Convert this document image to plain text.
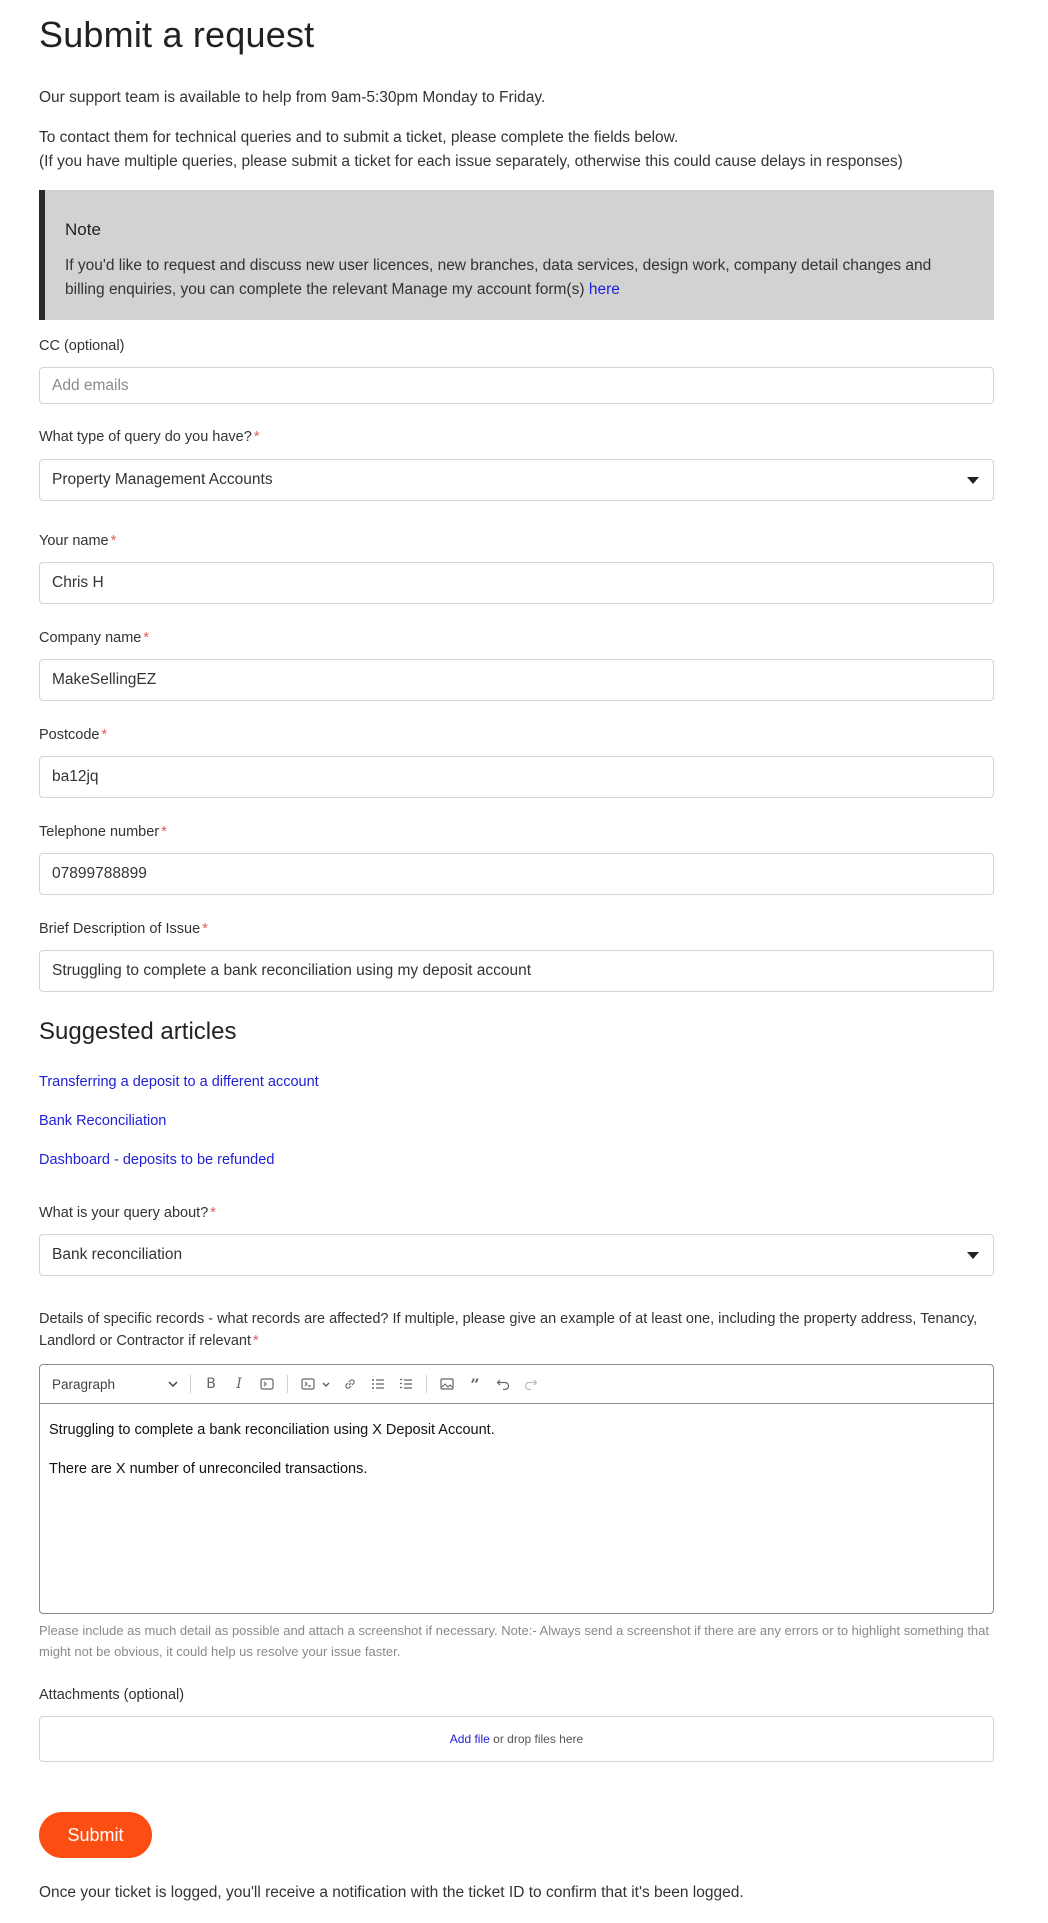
Submit a request
Our support team is available to help from 9am-5:30pm Monday to Friday.
To contact them for technical queries and to submit a ticket, please complete the fields below.
(If you have multiple queries, please submit a ticket for each issue separately, otherwise this could cause delays in responses)
Note
If you'd like to request and discuss new user licences, new branches, data services, design work, company detail changes and billing enquiries, you can complete the relevant Manage my account form(s) here
CC (optional)
Add emails
What type of query do you have? *
Property Management Accounts
Your name *
Chris H
Company name *
MakeSellingEZ
Postcode *
ba12jq
Telephone number *
07899788899
Brief Description of Issue *
Struggling to complete a bank reconciliation using my deposit account
Suggested articles
Transferring a deposit to a different account
Bank Reconciliation
Dashboard - deposits to be refunded
What is your query about? *
Bank reconciliation
Details of specific records - what records are affected? If multiple, please give an example of at least one, including the property address, Tenancy,
Landlord or Contractor if relevant *
Paragraph	B	I	”

Struggling to complete a bank reconciliation using X Deposit Account.

There are X number of unreconciled transactions.

Please include as much detail as possible and attach a screenshot if necessary. Note:- Always send a screenshot if there are any errors or to highlight something that might not be obvious, it could help us resolve your issue faster.
Attachments (optional)
Add file or drop files here
Submit
Once your ticket is logged, you'll receive a notification with the ticket ID to confirm that it's been logged.
